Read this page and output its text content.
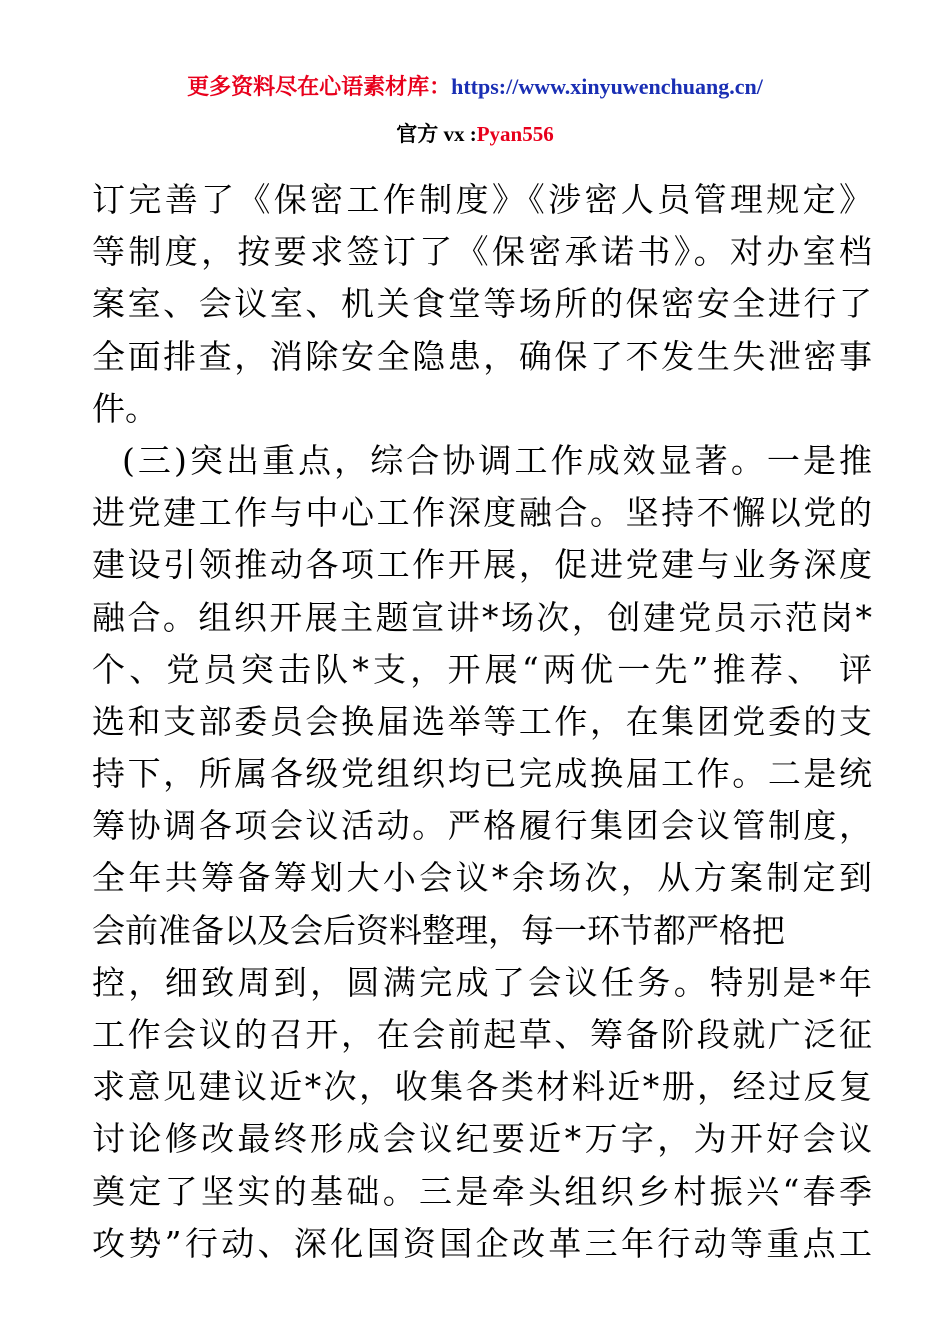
更多资料尽在心语素材库：https://www.xinyuwenchuang.cn/
官方 vx :Pyan556
订完善了《保密工作制度》《涉密人员管理规定》
等制度，按要求签订了《保密承诺书》。对办室档
案室、会议室、机关食堂等场所的保密安全进行了
全面排查，消除安全隐患，确保了不发生失泄密事
件。
(三)突出重点，综合协调工作成效显著。一是推
进党建工作与中心工作深度融合。坚持不懈以党的
建设引领推动各项工作开展，促进党建与业务深度
融合。组织开展主题宣讲*场次，创建党员示范岗*
个、党员突击队*支，开展“两优一先”推荐、 评
选和支部委员会换届选举等工作，在集团党委的支
持下，所属各级党组织均已完成换届工作。二是统
筹协调各项会议活动。严格履行集团会议管制度，
全年共筹备筹划大小会议*余场次，从方案制定到
会前准备以及会后资料整理，每一环节都严格把
控，细致周到，圆满完成了会议任务。特别是*年
工作会议的召开，在会前起草、筹备阶段就广泛征
求意见建议近*次，收集各类材料近*册，经过反复
讨论修改最终形成会议纪要近*万字，为开好会议
奠定了坚实的基础。三是牵头组织乡村振兴“春季
攻势”行动、深化国资国企改革三年行动等重点工
